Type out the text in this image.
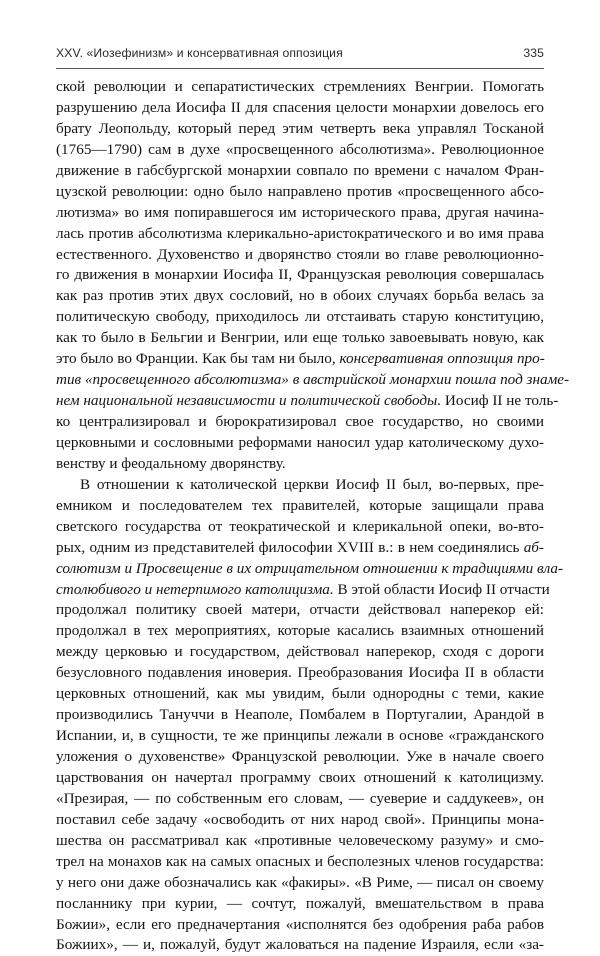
XXV. «Иозефинизм» и консервативная оппозиция	335
ской революции и сепаратистических стремлениях Венгрии. Помогать
разрушению дела Иосифа II для спасения целости монархии довелось его
брату Леопольду, который перед этим четверть века управлял Тосканой
(1765—1790) сам в духе «просвещенного абсолютизма». Революционное
движение в габсбургской монархии совпало по времени с началом Фран-
цузской революции: одно было направлено против «просвещенного абсо-
лютизма» во имя попиравшегося им исторического права, другая начина-
лась против абсолютизма клерикально-аристократического и во имя права
естественного. Духовенство и дворянство стояли во главе революционно-
го движения в монархии Иосифа II, Французская революция совершалась
как раз против этих двух сословий, но в обоих случаях борьба велась за
политическую свободу, приходилось ли отстаивать старую конституцию,
как то было в Бельгии и Венгрии, или еще только завоевывать новую, как
это было во Франции. Как бы там ни было, консервативная оппозиция про-
тив «просвещенного абсолютизма» в австрийской монархии пошла под знаме-
нем национальной независимости и политической свободы. Иосиф II не толь-
ко централизировал и бюрократизировал свое государство, но своими
церковными и сословными реформами наносил удар католическому духо-
венству и феодальному дворянству.
В отношении к католической церкви Иосиф II был, во-первых, пре-
емником и последователем тех правителей, которые защищали права
светского государства от теократической и клерикальной опеки, во-вто-
рых, одним из представителей философии XVIII в.: в нем соединялись аб-
солютизм и Просвещение в их отрицательном отношении к традициями вла-
столюбивого и нетерпимого католицизма. В этой области Иосиф II отчасти
продолжал политику своей матери, отчасти действовал наперекор ей:
продолжал в тех мероприятиях, которые касались взаимных отношений
между церковью и государством, действовал наперекор, сходя с дороги
безусловного подавления иноверия. Преобразования Иосифа II в области
церковных отношений, как мы увидим, были однородны с теми, какие
производились Тануччи в Неаполе, Помбалем в Португалии, Арандой в
Испании, и, в сущности, те же принципы лежали в основе «гражданского
уложения о духовенстве» Французской революции. Уже в начале своего
царствования он начертал программу своих отношений к католицизму.
«Презирая, — по собственным его словам, — суеверие и саддукеев», он
поставил себе задачу «освободить от них народ свой». Принципы мона-
шества он рассматривал как «противные человеческому разуму» и смо-
трел на монахов как на самых опасных и бесполезных членов государства:
у него они даже обозначались как «факиры». «В Риме, — писал он своему
посланнику при курии, — сочтут, пожалуй, вмешательством в права
Божии», если его предначертания «исполнятся без одобрения раба рабов
Божиих», — и, пожалуй, будут жаловаться на падение Израиля, если «за-
